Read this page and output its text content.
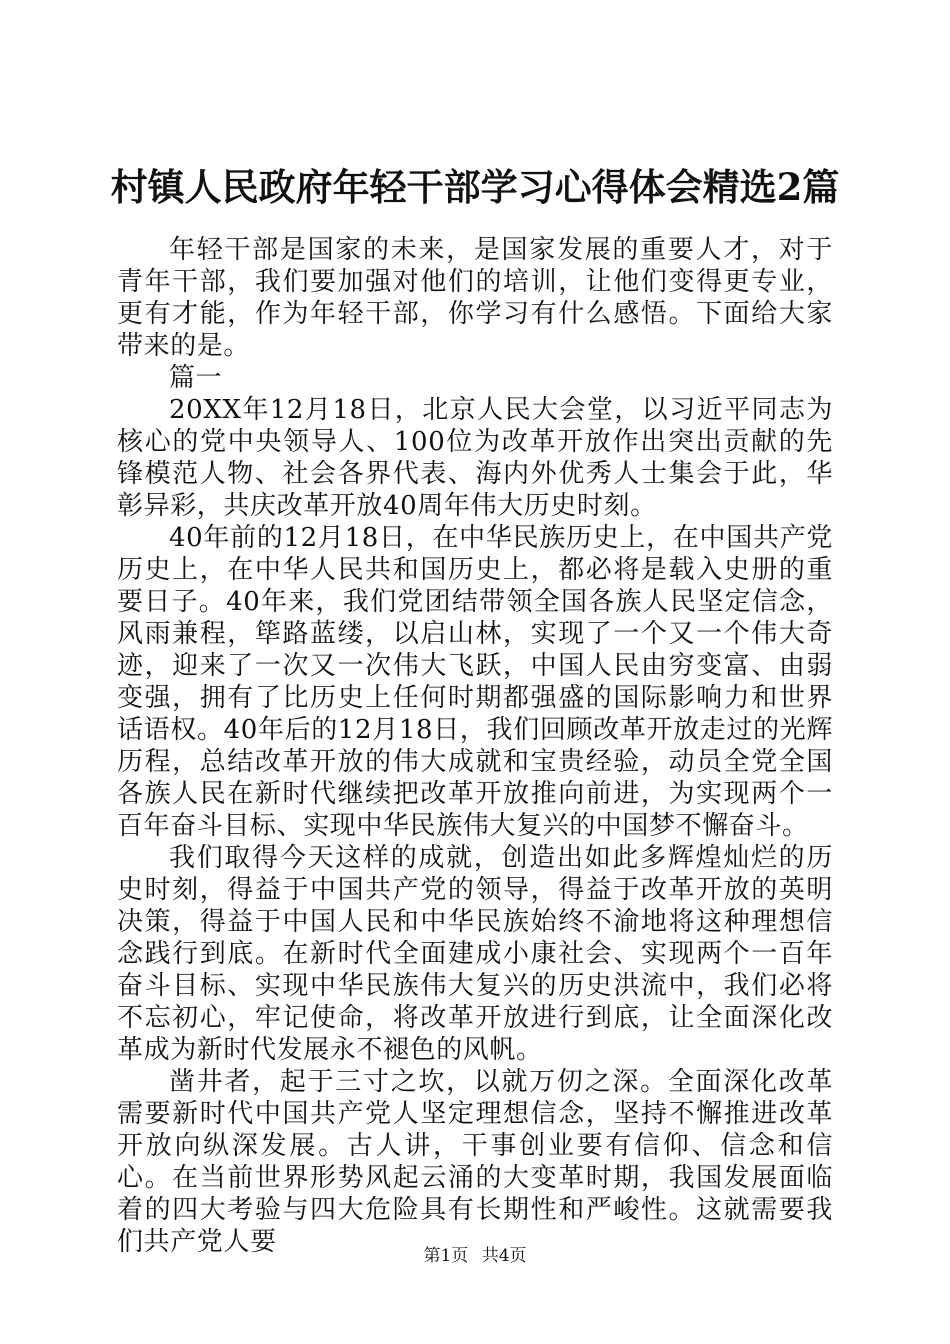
村镇人民政府年轻干部学习心得体会精选2篇

年轻干部是国家的未来，是国家发展的重要人才，对于青年干部，我们要加强对他们的培训，让他们变得更专业，更有才能，作为年轻干部，你学习有什么感悟。下面给大家带来的是。

篇一

20XX年12月18日，北京人民大会堂，以习近平同志为核心的党中央领导人、100位为改革开放作出突出贡献的先锋模范人物、社会各界代表、海内外优秀人士集会于此，华彰异彩，共庆改革开放40周年伟大历史时刻。

40年前的12月18日，在中华民族历史上，在中国共产党历史上，在中华人民共和国历史上，都必将是载入史册的重要日子。40年来，我们党团结带领全国各族人民坚定信念，风雨兼程，筚路蓝缕，以启山林，实现了一个又一个伟大奇迹，迎来了一次又一次伟大飞跃，中国人民由穷变富、由弱变强，拥有了比历史上任何时期都强盛的国际影响力和世界话语权。40年后的12月18日，我们回顾改革开放走过的光辉历程，总结改革开放的伟大成就和宝贵经验，动员全党全国各族人民在新时代继续把改革开放推向前进，为实现两个一百年奋斗目标、实现中华民族伟大复兴的中国梦不懈奋斗。

我们取得今天这样的成就，创造出如此多辉煌灿烂的历史时刻，得益于中国共产党的领导，得益于改革开放的英明决策，得益于中国人民和中华民族始终不渝地将这种理想信念践行到底。在新时代全面建成小康社会、实现两个一百年奋斗目标、实现中华民族伟大复兴的历史洪流中，我们必将不忘初心，牢记使命，将改革开放进行到底，让全面深化改革成为新时代发展永不褪色的风帆。

凿井者，起于三寸之坎，以就万仞之深。全面深化改革需要新时代中国共产党人坚定理想信念，坚持不懈推进改革开放向纵深发展。古人讲，干事创业要有信仰、信念和信心。在当前世界形势风起云涌的大变革时期，我国发展面临着的四大考验与四大危险具有长期性和严峻性。这就需要我们共产党人要	第1页 共4页
